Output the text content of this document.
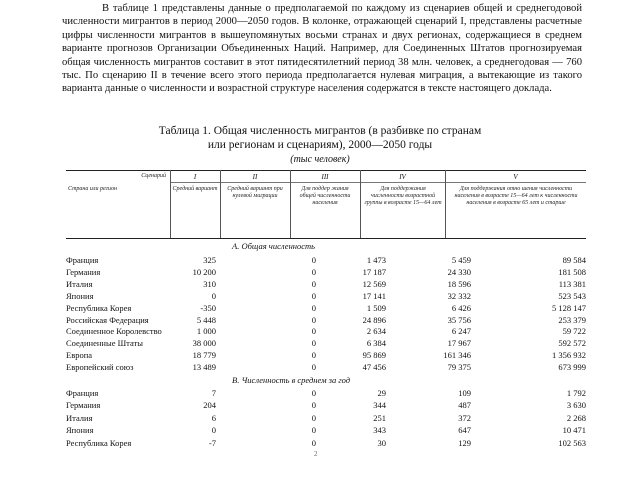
В таблице 1 представлены данные о предполагаемой по каждому из сценариев общей и среднегодовой численности мигрантов в период 2000—2050 годов. В колонке, отражающей сценарий I, представлены расчетные цифры численности мигрантов в вышеупомянутых восьми странах и двух регионах, содержащиеся в среднем варианте прогнозов Организации Объединенных Наций. Например, для Соединенных Штатов прогнозируемая общая численность мигрантов составит в этот пятидесятилетний период 38 млн. человек, а среднегодовая — 760 тыс. По сценарию II в течение всего этого периода предполагается нулевая миграция, а вытекающие из такого варианта данные о численности и возрастной структуре населения содержатся в тексте настоящего доклада.
Таблица 1. Общая численность мигрантов (в разбивке по странам
или регионам и сценариям), 2000—2050 годы
(тыс человек)
Сценарий
Страна или регион
I	II	III	IV	V
Средний вариант	Средний вариант при нулевой миграции
Для поддер жания общей численности населения
Для поддержания численности возрастной группы в возрасте 15—64 лет
Для поддержания отно шения численности населения в возрасте 15—64 лет к численности населения в возрасте 65 лет и старше
A. Общая численность
Франция	325	0	1 473	5 459	89 584
Германия	10 200	0	17 187	24 330	181 508
Италия	310	0	12 569	18 596	113 381
Япония	0	0	17 141	32 332	523 543
Республика Корея	-350	0	1 509	6 426	5 128 147
Российская Федерация	5 448	0	24 896	35 756	253 379
Соединенное Королевство	1 000	0	2 634	6 247	59 722
Соединенные Штаты	38 000	0	6 384	17 967	592 572
Европа	18 779	0	95 869	161 346	1 356 932
Европейский союз	13 489	0	47 456	79 375	673 999
B. Численность в среднем за год
Франция	7	0	29	109	1 792
Германия	204	0	344	487	3 630
Италия	6	0	251	372	2 268
Япония	0	0	343	647	10 471
Республика Корея	-7	0	30	129	102 563
2
